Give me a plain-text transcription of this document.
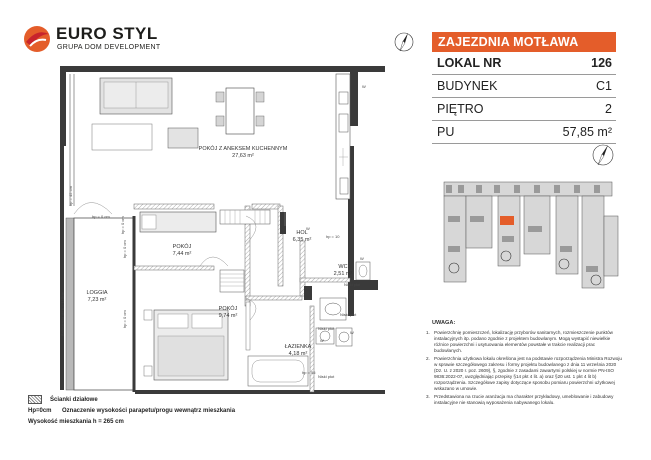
EURO STYL
GRUPA DOM DEVELOPMENT	ZAJEZDNIA MOTŁAWA
LOKAL NR	126
BUDYNEK	C1
PIĘTRO	2
PU	57,85 m²
POKÓJ Z ANEKSEM KUCHENNYM
27,63 m²
POKÓJ
7,44 m²
HOL
6,35 m²
WC
2,51 m²
POKÓJ
9,74 m²
ŁAZIENKA
4,18 m²
LOGGIA
7,23 m²
hp = 45 cm
hp = 0 cm
hp = 0 cm
hp = 0 cm
hp = 0 cm
hp = 10
hp = 55
Balustrada do h = 110cm
Niski płot
Niski płot
Niski płot
Niski płot
W
W
W
W
W
UWAGA:
1. Powierzchnię pomieszczeń, lokalizację przyborów sanitarnych, rozmieszczenie punktów instalacyjnych itp. podano zgodnie z projektem budowlanym. Mogą wystąpić niewielkie różnice powierzchni i usytuowania elementów powstałe w trakcie realizacji prac budowlanych.
2. Powierzchnia użytkowa lokalu określona jest na podstawie rozporządzenia Ministra Rozwoju w sprawie szczegółowego zakresu i formy projektu budowlanego z dnia 11 września 2020 (Dz. U. z 2020 r. poz. 2609), §, zgodnie z zasadami zawartymi polskiej w normie PN-ISO 9836:2022-07, uwzględniając przepisy §14 pkt 4 lit. a) oraz §20 ust. 1 pkt 4 lit b) rozporządzenia. Szczegółowe zapisy dotyczące sposobu pomiaru powierzchni użytkowej wskazano w umowie.
3. Przedstawiona na rzucie aranżacja ma charakter przykładowy, umeblowanie i zabudowy instalacyjne nie stanowią wyposażenia nabywanego lokalu.
Ścianki działowe
Hp=0cm	Oznaczenie wysokości parapetu/progu wewnątrz mieszkania
Wysokość mieszkania h = 265 cm
